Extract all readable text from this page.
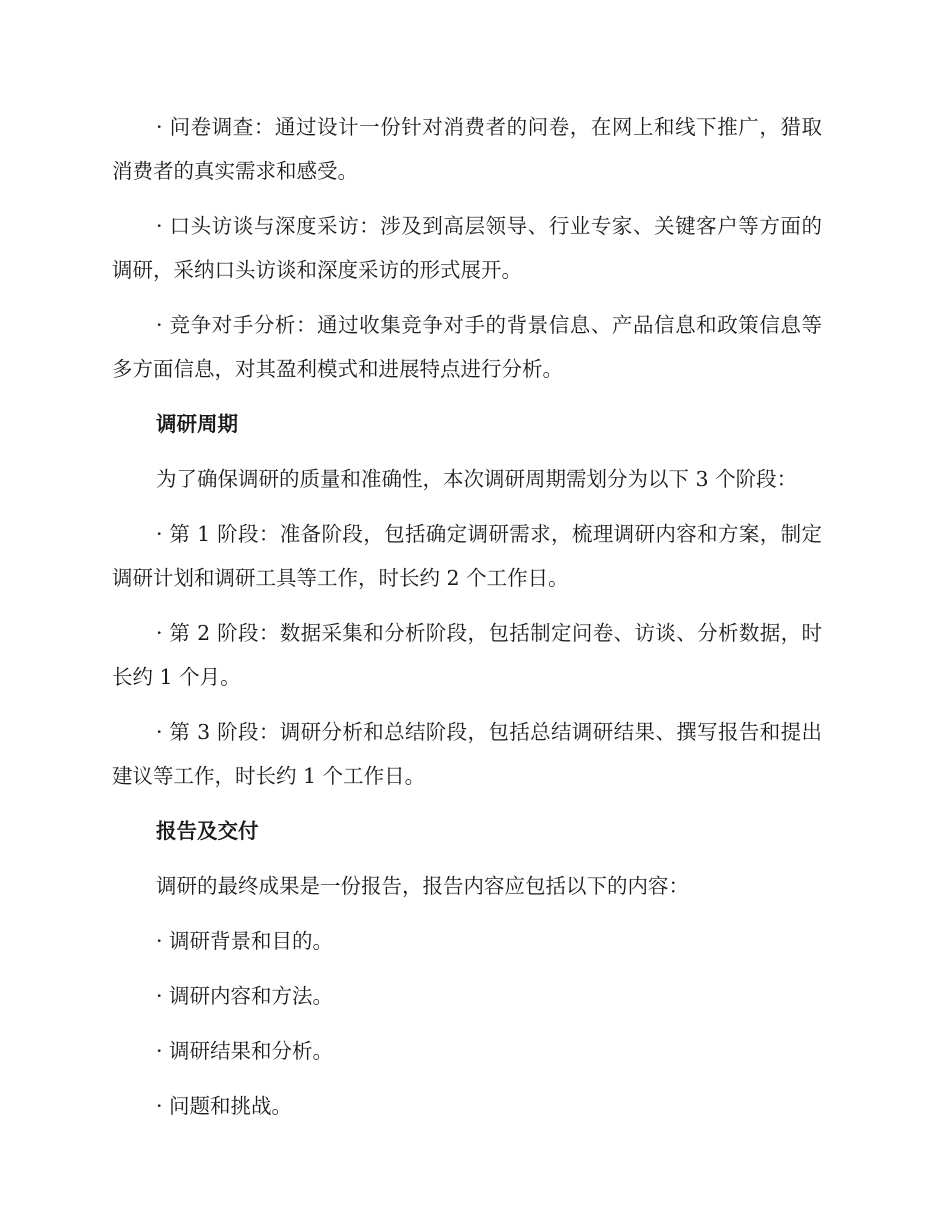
· 问卷调查：通过设计一份针对消费者的问卷，在网上和线下推广，猎取消费者的真实需求和感受。

· 口头访谈与深度采访：涉及到高层领导、行业专家、关键客户等方面的调研，采纳口头访谈和深度采访的形式展开。

· 竞争对手分析：通过收集竞争对手的背景信息、产品信息和政策信息等多方面信息，对其盈利模式和进展特点进行分析。

调研周期

为了确保调研的质量和准确性，本次调研周期需划分为以下 3 个阶段：

· 第 1 阶段：准备阶段，包括确定调研需求，梳理调研内容和方案，制定调研计划和调研工具等工作，时长约 2 个工作日。

· 第 2 阶段：数据采集和分析阶段，包括制定问卷、访谈、分析数据，时长约 1 个月。

· 第 3 阶段：调研分析和总结阶段，包括总结调研结果、撰写报告和提出建议等工作，时长约 1 个工作日。

报告及交付

调研的最终成果是一份报告，报告内容应包括以下的内容：

· 调研背景和目的。

· 调研内容和方法。

· 调研结果和分析。

· 问题和挑战。
